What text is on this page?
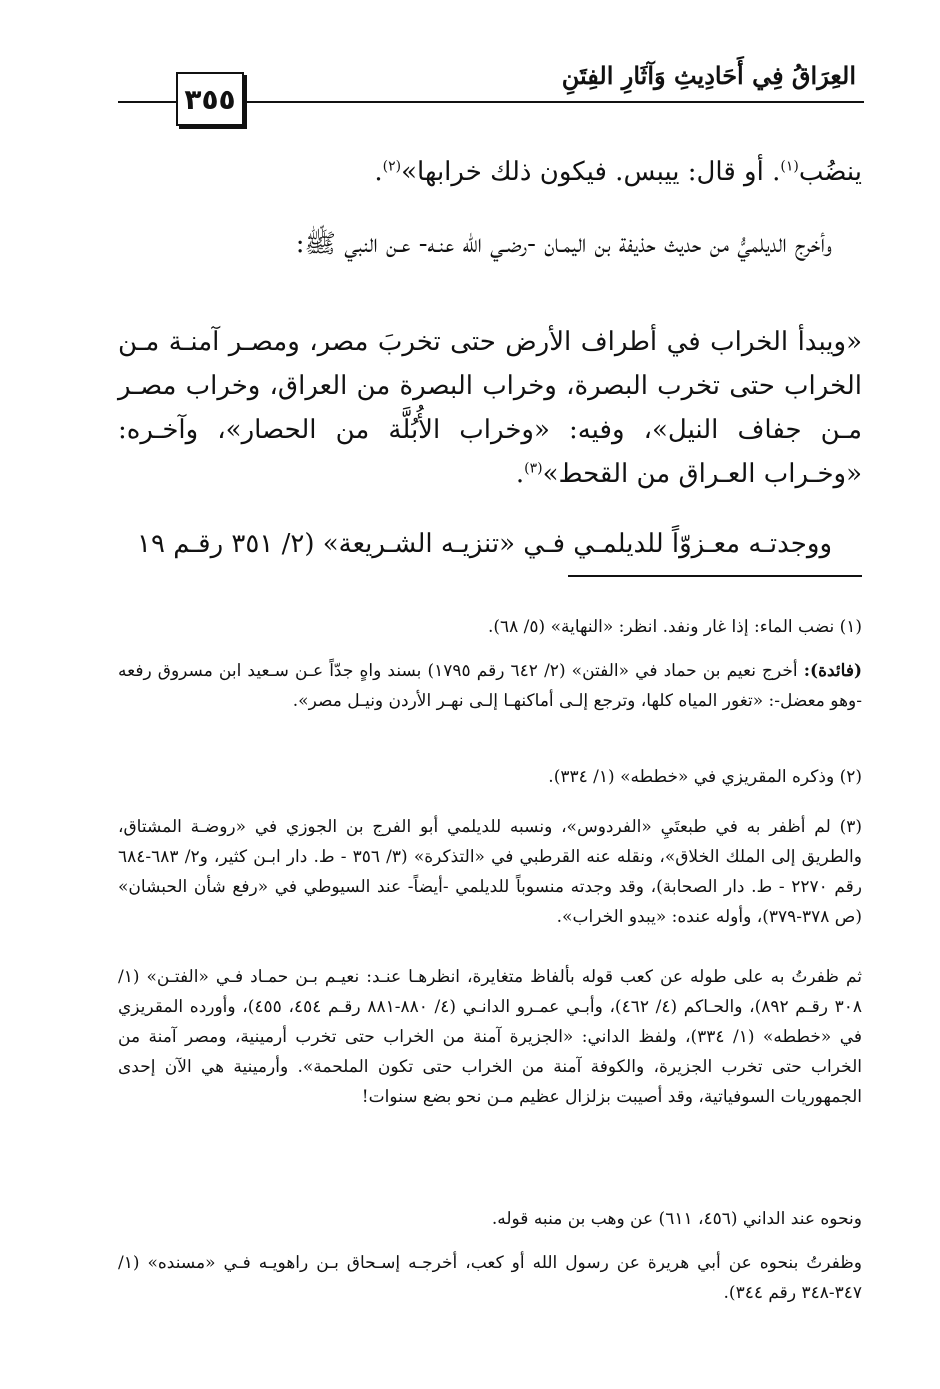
٣٥٥
العِرَاقُ فِي أَحَادِيثِ وَآثَارِ الفِتَنِ

ينضُب$^{(١)}$. أو قال: ييبس. فيكون ذلك خرابها»$^{(٢)}$.

وأخرج الديلميُّ من حديث حذيفة بن اليمـان -رضـي الله عنـه- عـن النبي ﷺ:

«ويبدأ الخراب في أطراف الأرض حتى تخربَ مصر، ومصـر آمنـة مـن الخراب حتى تخرب البصرة، وخراب البصرة من العراق، وخراب مصـر مـن جفاف النيل»، وفيه: «وخراب الأُبُلَّة من الحصار»، وآخـره: «وخـراب العـراق من القحط»$^{(٣)}$.

ووجدتـه معـزوّاً للديلمـي فـي «تنزيـه الشـريعة» (٢/ ٣٥١ رقـم ١٩

(١) نضب الماء: إذا غار ونفد. انظر: «النهاية» (٥/ ٦٨).

(فائدة): أخرج نعيم بن حماد في «الفتن» (٢/ ٦٤٢ رقم ١٧٩٥) بسند واهٍ جدّاً عـن سـعيد ابن مسروق رفعه -وهو معضل-: «تغور المياه كلها، وترجع إلـى أماكنهـا إلـى نهـر الأردن ونيـل مصر».

(٢) وذكره المقريزي في «خططه» (١/ ٣٣٤).

(٣) لم أظفر به في طبعتَيِ «الفردوس»، ونسبه للديلمي أبو الفرج بن الجوزي في «روضـة المشتاق، والطريق إلى الملك الخلاق»، ونقله عنه القرطبي في «التذكرة» (٣/ ٣٥٦ - ط. دار ابـن كثير، و٢/ ٦٨٣-٦٨٤ رقم ٢٢٧٠ - ط. دار الصحابة)، وقد وجدته منسوباً للديلمي -أيضاً- عند السيوطي في «رفع شأن الحبشان» (ص ٣٧٨-٣٧٩)، وأوله عنده: «يبدو الخراب».

ثم ظفرتُ به على طوله عن كعب قوله بألفاظ متغايرة، انظرهـا عنـد: نعيـم بـن حمـاد فـي «الفتـن» (١/ ٣٠٨ رقـم ٨٩٢)، والحـاكم (٤/ ٤٦٢)، وأبـي عمـرو الدانـي (٤/ ٨٨٠-٨٨١ رقـم ٤٥٤، ٤٥٥)، وأورده المقريزي في «خططه» (١/ ٣٣٤)، ولفظ الداني: «الجزيرة آمنة من الخراب حتى تخرب أرمينية، ومصر آمنة من الخراب حتى تخرب الجزيرة، والكوفة آمنة من الخراب حتى تكون الملحمة». وأرمينية هي الآن إحدى الجمهوريات السوفياتية، وقد أصيبت بزلزال عظيم مـن نحو بضع سنوات!

ونحوه عند الداني (٤٥٦، ٦١١) عن وهب بن منبه قوله.

وظفرتُ بنحوه عن أبي هريرة عن رسول الله أو كعب، أخرجـه إسـحاق بـن راهويـه فـي «مسنده» (١/ ٣٤٧-٣٤٨ رقم ٣٤٤).
